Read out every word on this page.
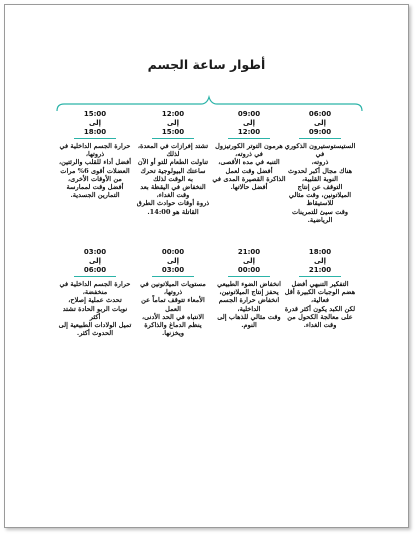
أطوار ساعة الجسم
06:00
إلى
09:00
الستيستوستيرون الذكوري في
ذروته،
هناك مجال أكبر لحدوث
النوبة القلبية،
التوقف عن إنتاج
الميلاتونين، وقت مثالي
للاستيقاظ
وقت سيئ للتمرينات
الرياضية.
09:00
إلى
12:00
هرمون التوتر الكورتيزول
في ذروته،
التنبه في مده الأقصى،
أفضل وقت لعمل
الذاكرة القصيرة المدى في
أفضل حالاتها.
12:00
إلى
15:00
تشتد إفرازات في المعدة، لذلك
تناولت الطعام للتو أو الآن
ساعتك البيولوجية تحرك
به الوقت لذلك
النخفاض في اليقظة بعد
وقت الغداء،
ذروة أوقات حوادث الطرق
القاتلة هو 14:00.
15:00
إلى
18:00
حرارة الجسم الداخلية في
ذروتها،
أفضل أداء للقلب والرئتين،
العضلات أقوى 6% مرات
من الأوقات الأخرى،
أفضل وقت لممارسة
التمارين الجسدية.
18:00
إلى
21:00
التفكير التنبهي أفضل
هضم الوجبات الكبيرة أقل
فعالية،
لكن الكبد يكون أكثر قدرة
على معالجة الكحول من
وقت الغداء.
21:00
إلى
00:00
انخفاض الضوء الطبيعي
يحفز إنتاج الميلاتونين،
انخفاض حرارة الجسم
الداخلية،
وقت مثالي للذهاب إلى
النوم.
00:00
إلى
03:00
مستويات الميلاتونين في
ذروتها،
الأمعاء تتوقف تماماً عن
العمل
الانتباه في الحد الأدنى،
ينظم الدماغ والذاكرة
ويخزنها.
03:00
إلى
06:00
حرارة الجسم الداخلية في
منخفضة،
تحدث عملية إصلاح،
نوبات الربو الحادة تشتد
أكثر
تميل الولادات الطبيعية إلى
الحدوث أكثر.
